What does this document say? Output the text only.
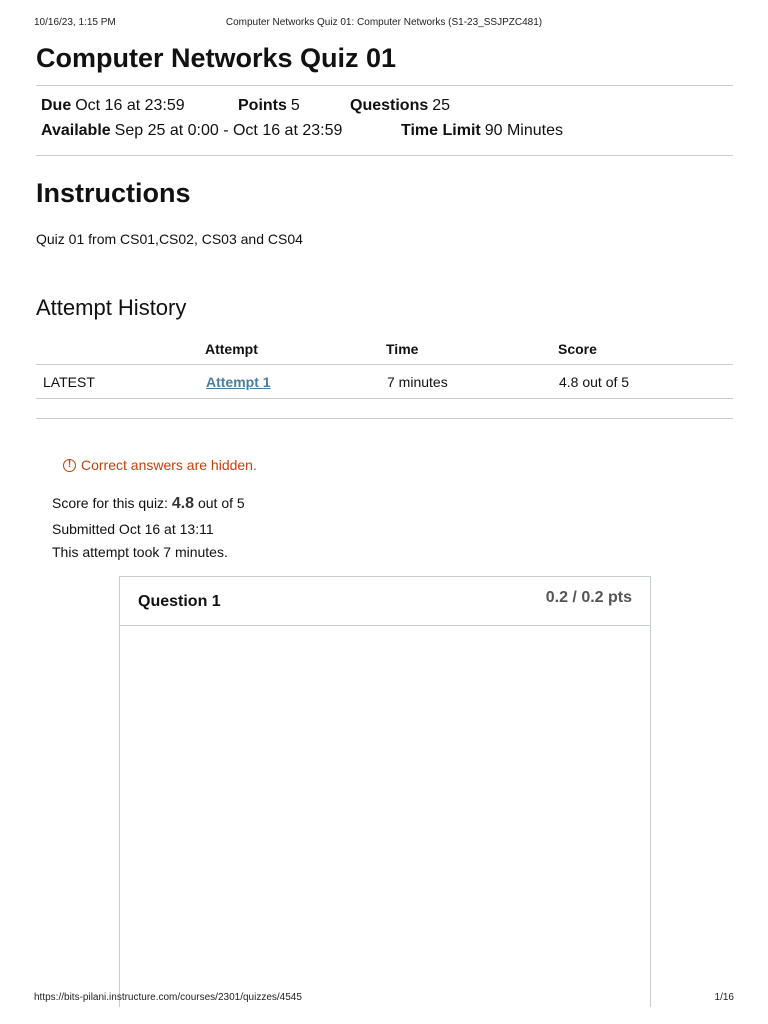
10/16/23, 1:15 PM	Computer Networks Quiz 01: Computer Networks (S1-23_SSJPZC481)
Computer Networks Quiz 01
Due Oct 16 at 23:59	Points 5	Questions 25
Available Sep 25 at 0:00 - Oct 16 at 23:59	Time Limit 90 Minutes
Instructions

Quiz 01 from CS01,CS02, CS03 and CS04

Attempt History
	Attempt	Time	Score
LATEST	Attempt 1	7 minutes	4.8 out of 5
! Correct answers are hidden.
Score for this quiz: 4.8 out of 5
Submitted Oct 16 at 13:11
This attempt took 7 minutes.
Question 1	0.2 / 0.2 pts
https://bits-pilani.instructure.com/courses/2301/quizzes/4545	1/16
